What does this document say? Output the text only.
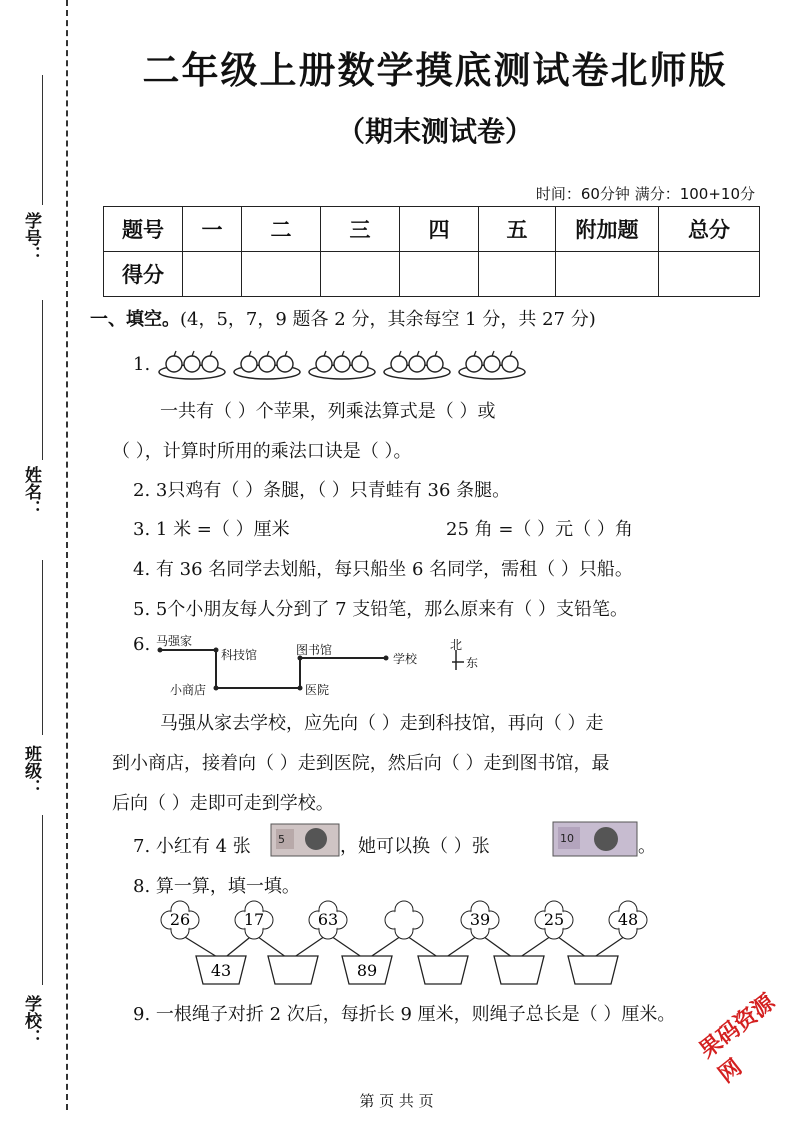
学号：
姓名：
班级：
学校：
二年级上册数学摸底测试卷北师版
（期末测试卷）
时间：60分钟 满分：100+10分
题号	一	二	三	四	五	附加题	总分
得分							
一、填空。(4，5，7，9 题各 2 分，其余每空 1 分，共 27 分)
1.
一共有（ ）个苹果，列乘法算式是（ ）或
（ ），计算时所用的乘法口诀是（ ）。
2. 3只鸡有（ ）条腿，（ ）只青蛙有 36 条腿。
3. 1 米 =（ ）厘米	25 角 =（ ）元（ ）角
4. 有 36 名同学去划船，每只船坐 6 名同学，需租（ ）只船。
5. 5个小朋友每人分到了 7 支铅笔，那么原来有（ ）支铅笔。
6. 马强家
科技馆	图书馆
学校
小商店	医院
北
东
马强从家去学校，应先向（ ）走到科技馆，再向（ ）走
到小商店，接着向（ ）走到医院，然后向（ ）走到图书馆，最
后向（ ）走即可走到学校。
7. 小红有 4 张 5	，她可以换（ ）张	10	。
8. 算一算，填一填。
26	17	63	39	25	48
43	89
9. 一根绳子对折 2 次后，每折长 9 厘米，则绳子总长是（ ）厘米。
第 页 共 页
果码资源网
